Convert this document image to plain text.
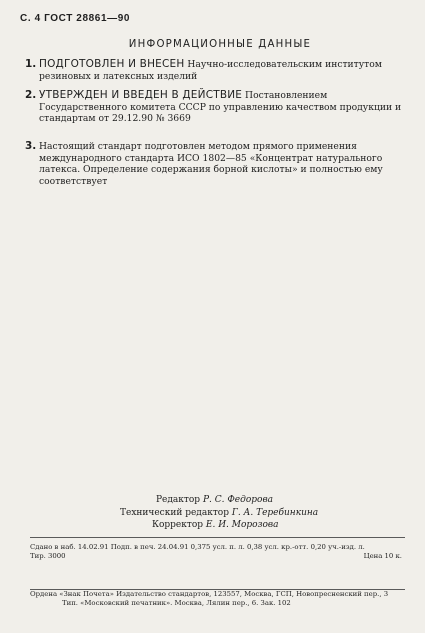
С. 4 ГОСТ 28861—90
ИНФОРМАЦИОННЫЕ ДАННЫЕ
1. ПОДГОТОВЛЕН И ВНЕСЕН Научно-исследовательским институтом резиновых и латексных изделий
2. УТВЕРЖДЕН И ВВЕДЕН В ДЕЙСТВИЕ Постановлением Государственного комитета СССР по управлению качеством продукции и стандартам от 29.12.90 № 3669
3. Настоящий стандарт подготовлен методом прямого применения международного стандарта ИСО 1802—85 «Концентрат натурального латекса. Определение содержания борной кислоты» и полностью ему соответствует
Редактор Р. С. Федорова
Технический редактор Г. А. Теребинкина
Корректор Е. И. Морозова
Сдано в наб. 14.02.91 Подп. в печ. 24.04.91 0,375 усл. п. л. 0,38 усл. кр.-отт. 0,20 уч.-изд. л.
Тир. 3000	Цена 10 к.
Ордена «Знак Почета» Издательство стандартов, 123557, Москва, ГСП, Новопресненский пер., 3
Тип. «Московский печатник». Москва, Лялин пер., 6. Зак. 102
